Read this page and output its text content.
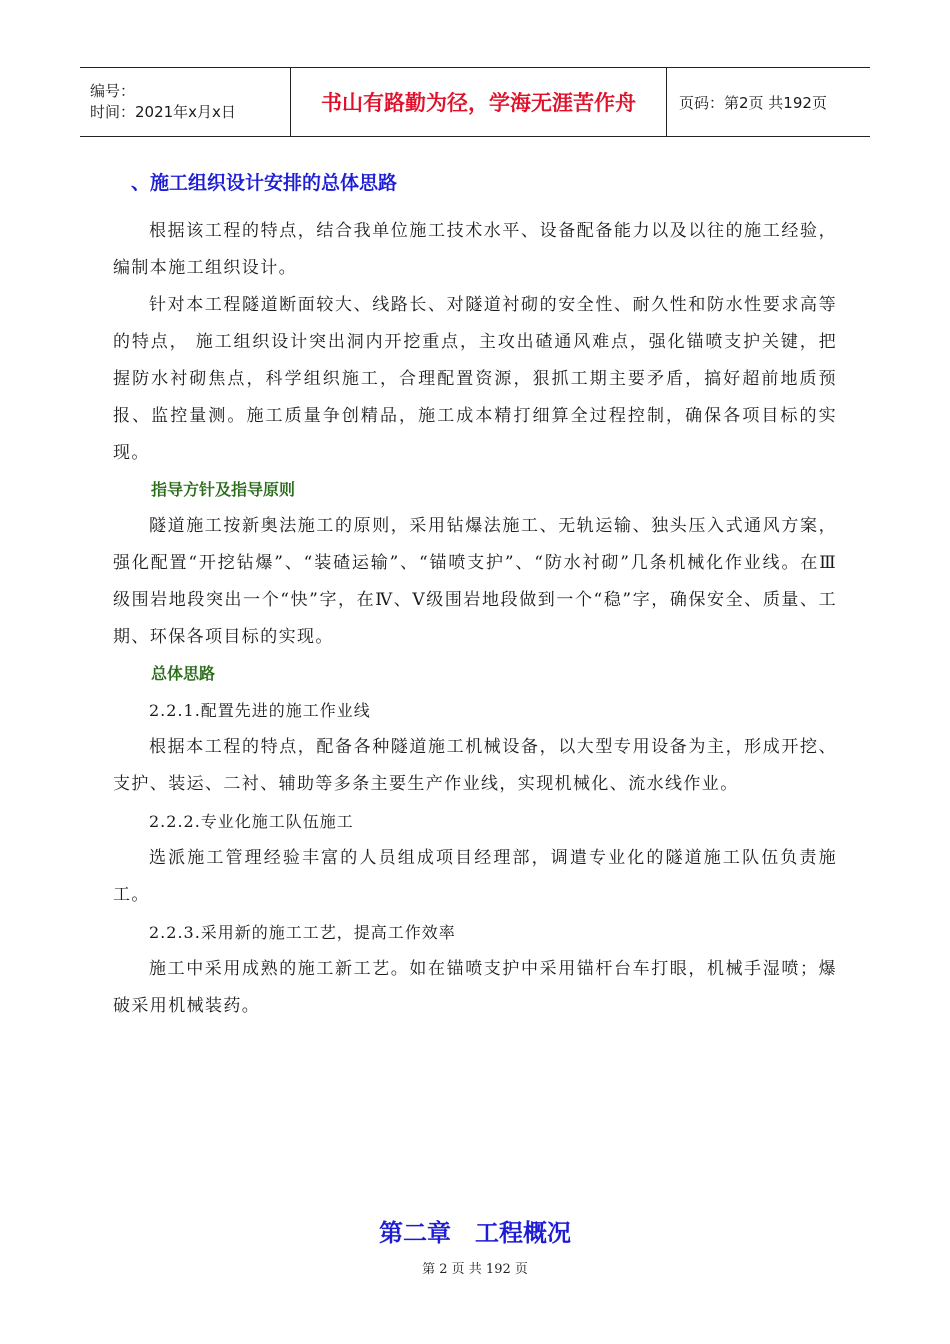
编号：
时间：2021年x月x日	书山有路勤为径，学海无涯苦作舟	页码：第2页 共192页
、施工组织设计安排的总体思路

根据该工程的特点，结合我单位施工技术水平、设备配备能力以及以往的施工经验，编制本施工组织设计。

针对本工程隧道断面较大、线路长、对隧道衬砌的安全性、耐久性和防水性要求高等的特点， 施工组织设计突出洞内开挖重点，主攻出碴通风难点，强化锚喷支护关键，把握防水衬砌焦点，科学组织施工，合理配置资源，狠抓工期主要矛盾，搞好超前地质预报、监控量测。施工质量争创精品，施工成本精打细算全过程控制，确保各项目标的实现。

指导方针及指导原则

隧道施工按新奥法施工的原则，采用钻爆法施工、无轨运输、独头压入式通风方案，强化配置“开挖钻爆”、“装碴运输”、“锚喷支护”、“防水衬砌”几条机械化作业线。在Ⅲ级围岩地段突出一个“快”字，在Ⅳ、Ⅴ级围岩地段做到一个“稳”字，确保安全、质量、工期、环保各项目标的实现。

总体思路

2.2.1.配置先进的施工作业线

根据本工程的特点，配备各种隧道施工机械设备，以大型专用设备为主，形成开挖、支护、装运、二衬、辅助等多条主要生产作业线，实现机械化、流水线作业。

2.2.2.专业化施工队伍施工

选派施工管理经验丰富的人员组成项目经理部，调遣专业化的隧道施工队伍负责施工。

2.2.3.采用新的施工工艺，提高工作效率

施工中采用成熟的施工新工艺。如在锚喷支护中采用锚杆台车打眼，机械手湿喷；爆破采用机械装药。

第二章　工程概况
第 2 页 共 192 页
